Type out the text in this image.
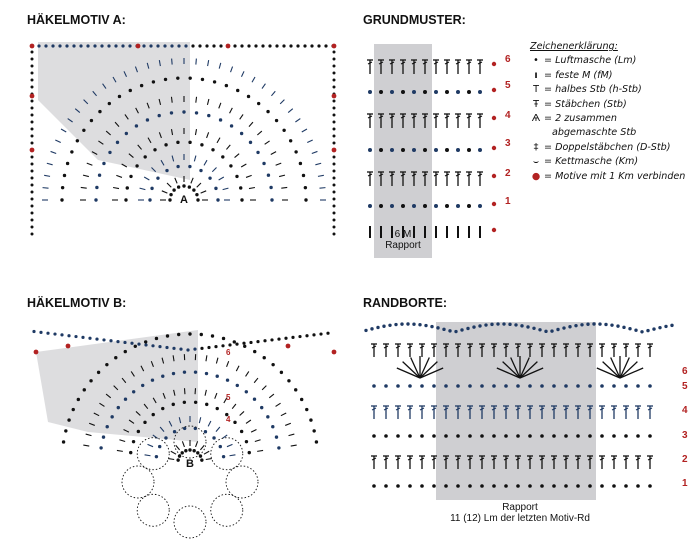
HÄKELMOTIV A:	GRUNDMUSTER:
HÄKELMOTIV B:	RANDBORTE:
A
B
6
5
4
6 M
Rapport
6
5
4
3
2
1
Zeichenerklärung:
• = Luftmasche (Lm)
ı = feste M (fM)
T = halbes Stb (h-Stb)
Ŧ = Stäbchen (Stb)
Ѧ = 2 zusammen
abgemaschte Stb
‡ = Doppelstäbchen (D-Stb)
⌣ = Kettmasche (Km)
● = Motive mit 1 Km verbinden
Rapport
11 (12) Lm der letzten Motiv-Rd
6
5
4
3
2
1
